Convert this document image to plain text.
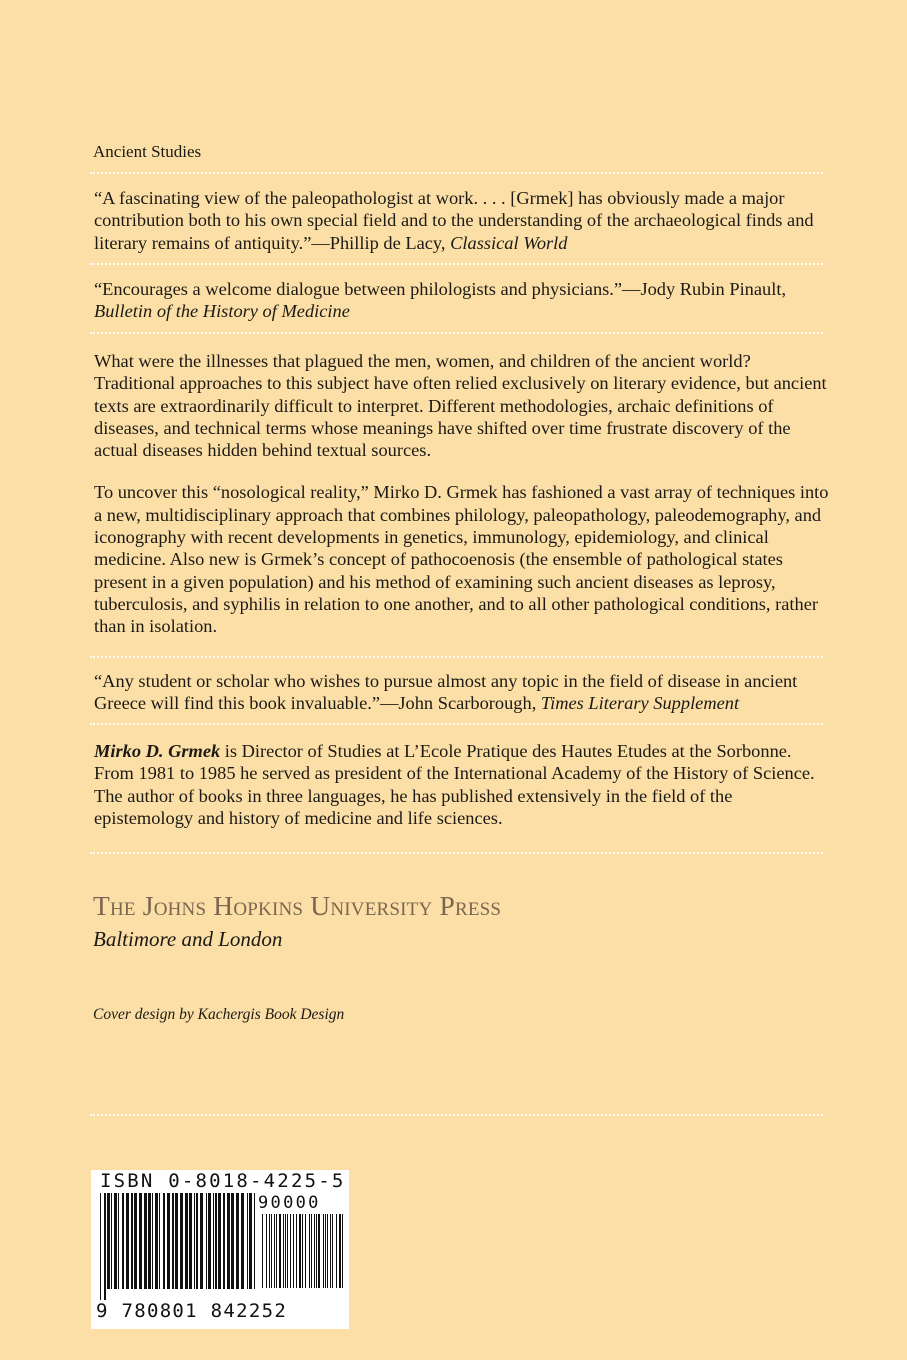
Ancient Studies

“A fascinating view of the paleopathologist at work. . . . [Grmek] has obviously made a major contribution both to his own special field and to the understanding of the archaeological finds and literary remains of antiquity.”—Phillip de Lacy, Classical World

“Encourages a welcome dialogue between philologists and physicians.”—Jody Rubin Pinault,
Bulletin of the History of Medicine

What were the illnesses that plagued the men, women, and children of the ancient world? Traditional approaches to this subject have often relied exclusively on literary evidence, but ancient texts are extraordinarily difficult to interpret. Different methodologies, archaic definitions of diseases, and technical terms whose meanings have shifted over time frustrate discovery of the actual diseases hidden behind textual sources.

To uncover this “nosological reality,” Mirko D. Grmek has fashioned a vast array of techniques into a new, multidisciplinary approach that combines philology, paleopathology, paleodemography, and iconography with recent developments in genetics, immunology, epidemiology, and clinical medicine. Also new is Grmek’s concept of pathocoenosis (the ensemble of pathological states present in a given population) and his method of examining such ancient diseases as leprosy, tuberculosis, and syphilis in relation to one another, and to all other pathological conditions, rather than in isolation.

“Any student or scholar who wishes to pursue almost any topic in the field of disease in ancient Greece will find this book invaluable.”—John Scarborough, Times Literary Supplement

Mirko D. Grmek is Director of Studies at L’Ecole Pratique des Hautes Etudes at the Sorbonne. From 1981 to 1985 he served as president of the International Academy of the History of Science. The author of books in three languages, he has published extensively in the field of the epistemology and history of medicine and life sciences.

The Johns Hopkins University Press
Baltimore and London
Cover design by Kachergis Book Design
ISBN 0-8018-4225-5
90000
9 780801 842252
